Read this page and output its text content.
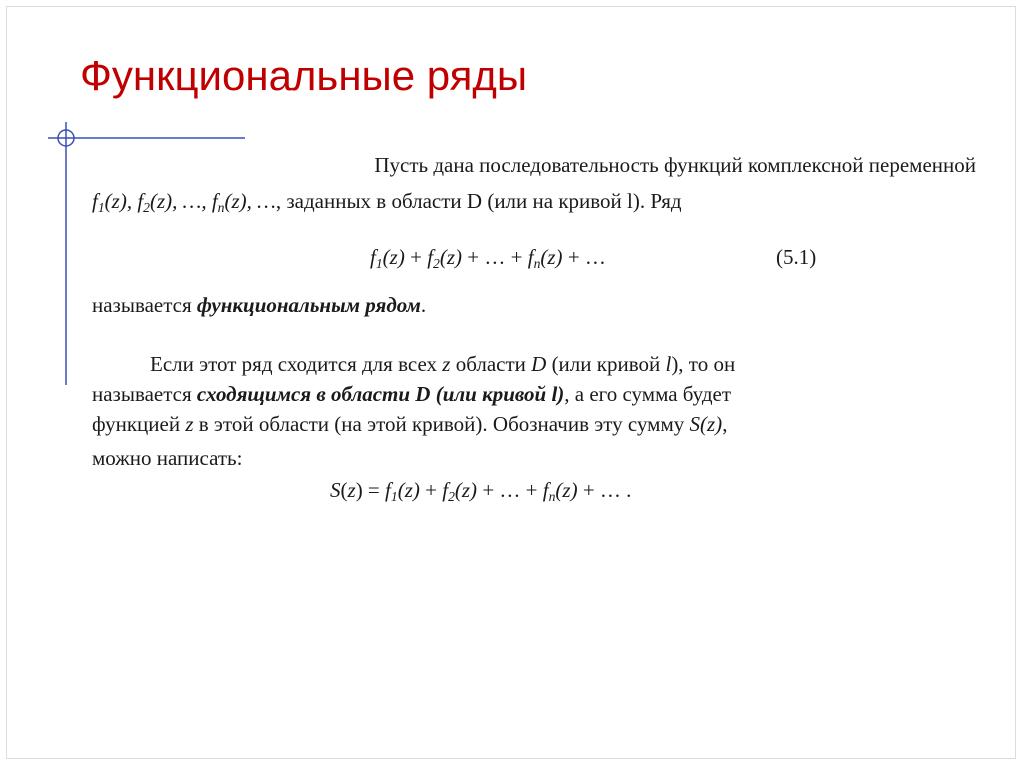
Функциональные ряды
Пусть дана последовательность функций комплексной переменной
$f_1(z)$, $f_2(z)$, …, $f_n(z)$, …, заданных в области D (или на кривой l). Ряд
$f_1(z) + f_2(z)$ + … + $f_n(z)$ + …	(5.1)
называется функциональным рядом.
Если этот ряд сходится для всех z области D (или кривой l), то он
называется сходящимся в области D (или кривой l), а его сумма будет
функцией z в этой области (на этой кривой). Обозначив эту сумму S(z),
можно написать:
$S(z) = f_1(z) + f_2(z)$ + … + $f_n(z)$ + … .
